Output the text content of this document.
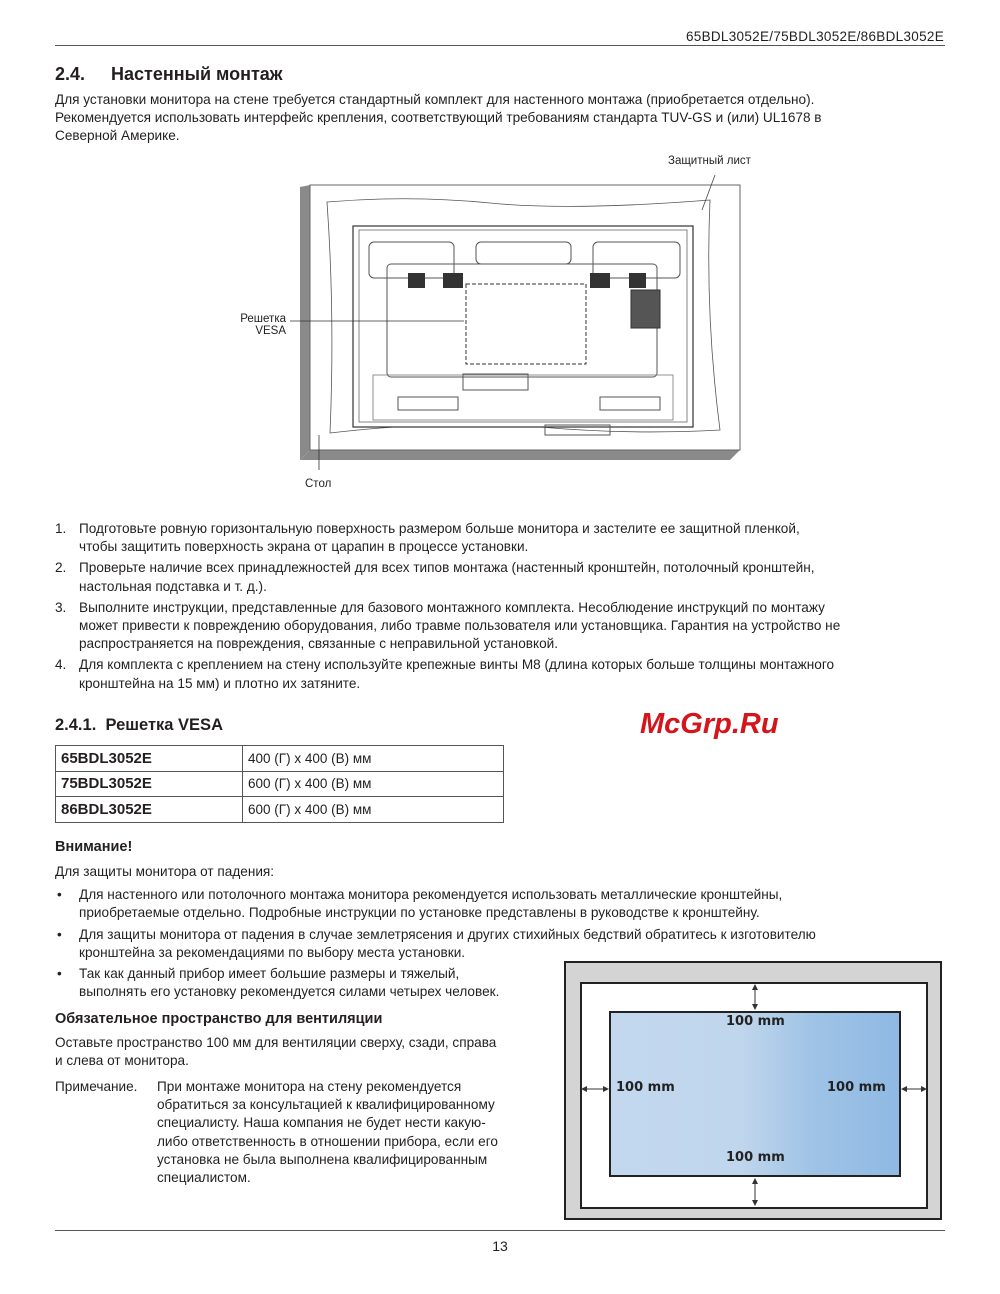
65BDL3052E/75BDL3052E/86BDL3052E
2.4. Настенный монтаж
Для установки монитора на стене требуется стандартный комплект для настенного монтажа (приобретается отдельно).
Рекомендуется использовать интерфейс крепления, соответствующий требованиям стандарта TUV-GS и (или) UL1678 в
Северной Америке.
Защитный лист
Решетка
VESA
Стол
1. Подготовьте ровную горизонтальную поверхность размером больше монитора и застелите ее защитной пленкой,
чтобы защитить поверхность экрана от царапин в процессе установки.
2. Проверьте наличие всех принадлежностей для всех типов монтажа (настенный кронштейн, потолочный кронштейн,
настольная подставка и т. д.).
3. Выполните инструкции, представленные для базового монтажного комплекта. Несоблюдение инструкций по монтажу
может привести к повреждению оборудования, либо травме пользователя или установщика. Гарантия на устройство не
распространяется на повреждения, связанные с неправильной установкой.
4. Для комплекта с креплением на стену используйте крепежные винты M8 (длина которых больше толщины монтажного
кронштейна на 15 мм) и плотно их затяните.
McGrp.Ru
2.4.1. Решетка VESA
65BDL3052E	400 (Г) x 400 (В) мм
75BDL3052E	600 (Г) x 400 (В) мм
86BDL3052E	600 (Г) x 400 (В) мм
Внимание!
Для защиты монитора от падения:
• Для настенного или потолочного монтажа монитора рекомендуется использовать металлические кронштейны,
приобретаемые отдельно. Подробные инструкции по установке представлены в руководстве к кронштейну.
• Для защиты монитора от падения в случае землетрясения и других стихийных бедствий обратитесь к изготовителю
кронштейна за рекомендациями по выбору места установки.
• Так как данный прибор имеет большие размеры и тяжелый,
выполнять его установку рекомендуется силами четырех человек.
Обязательное пространство для вентиляции
Оставьте пространство 100 мм для вентиляции сверху, сзади, справа
и слева от монитора.
Примечание. При монтаже монитора на стену рекомендуется
обратиться за консультацией к квалифицированному
специалисту. Наша компания не будет нести какую-
либо ответственность в отношении прибора, если его
установка не была выполнена квалифицированным
специалистом.
100 mm
100 mm	100 mm
100 mm
13
